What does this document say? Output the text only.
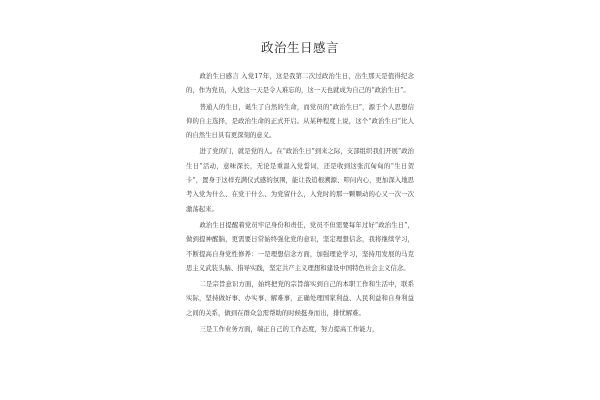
政治生日感言

政治生日感言 入党17年，这是我第二次过政治生日，出生那天是值得纪念的，作为党员，入党这一天是令人难忘的，这一天也就成为自己的“政治生日”。

普通人的生日，诞生了自然的生命，而党员的“政治生日”，源于个人思想信仰的自主选择，是政治生命的正式开启。从某种程度上说，这个“政治生日”比人的自然生日具有更深刻的意义。

进了党的门，就是党的人。在“政治生日”到来之际，支部组织我们开展“政治生日”活动，意味深长，无论是重温入党誓词，还是收到这张沉甸甸的“生日贺卡”，置身于这样充满仪式感的氛围，能让我追根溯源、叩问内心，更加深入地思考入党为什么、在党干什么、为党留什么，入党时的那一颗颗动的心又一次一次激荡起来。

政治生日提醒着党员牢记身份和责任，党员不但需要每年过好“政治生日”，做到提神醒脑，更需要日常始终强化党的意识，坚定理想信念，我将继续学习，不断提高自身党性修养：一是理想信念方面，加强理论学习，坚持用发展的马克思主义武装头脑、指导实践，坚定共产主义理想和建设中国特色社会主义信念。

二是宗旨意识方面，始终把党的宗旨落实到自己的本职工作和生活中，联系实际，坚持做好事、办实事、解难事，正确处理国家利益、人民利益和自身利益之间的关系，做到在群众急需帮助的时候挺身而出，排忧解难。

三是工作业务方面，端正自己的工作态度，努力提高工作能力，
